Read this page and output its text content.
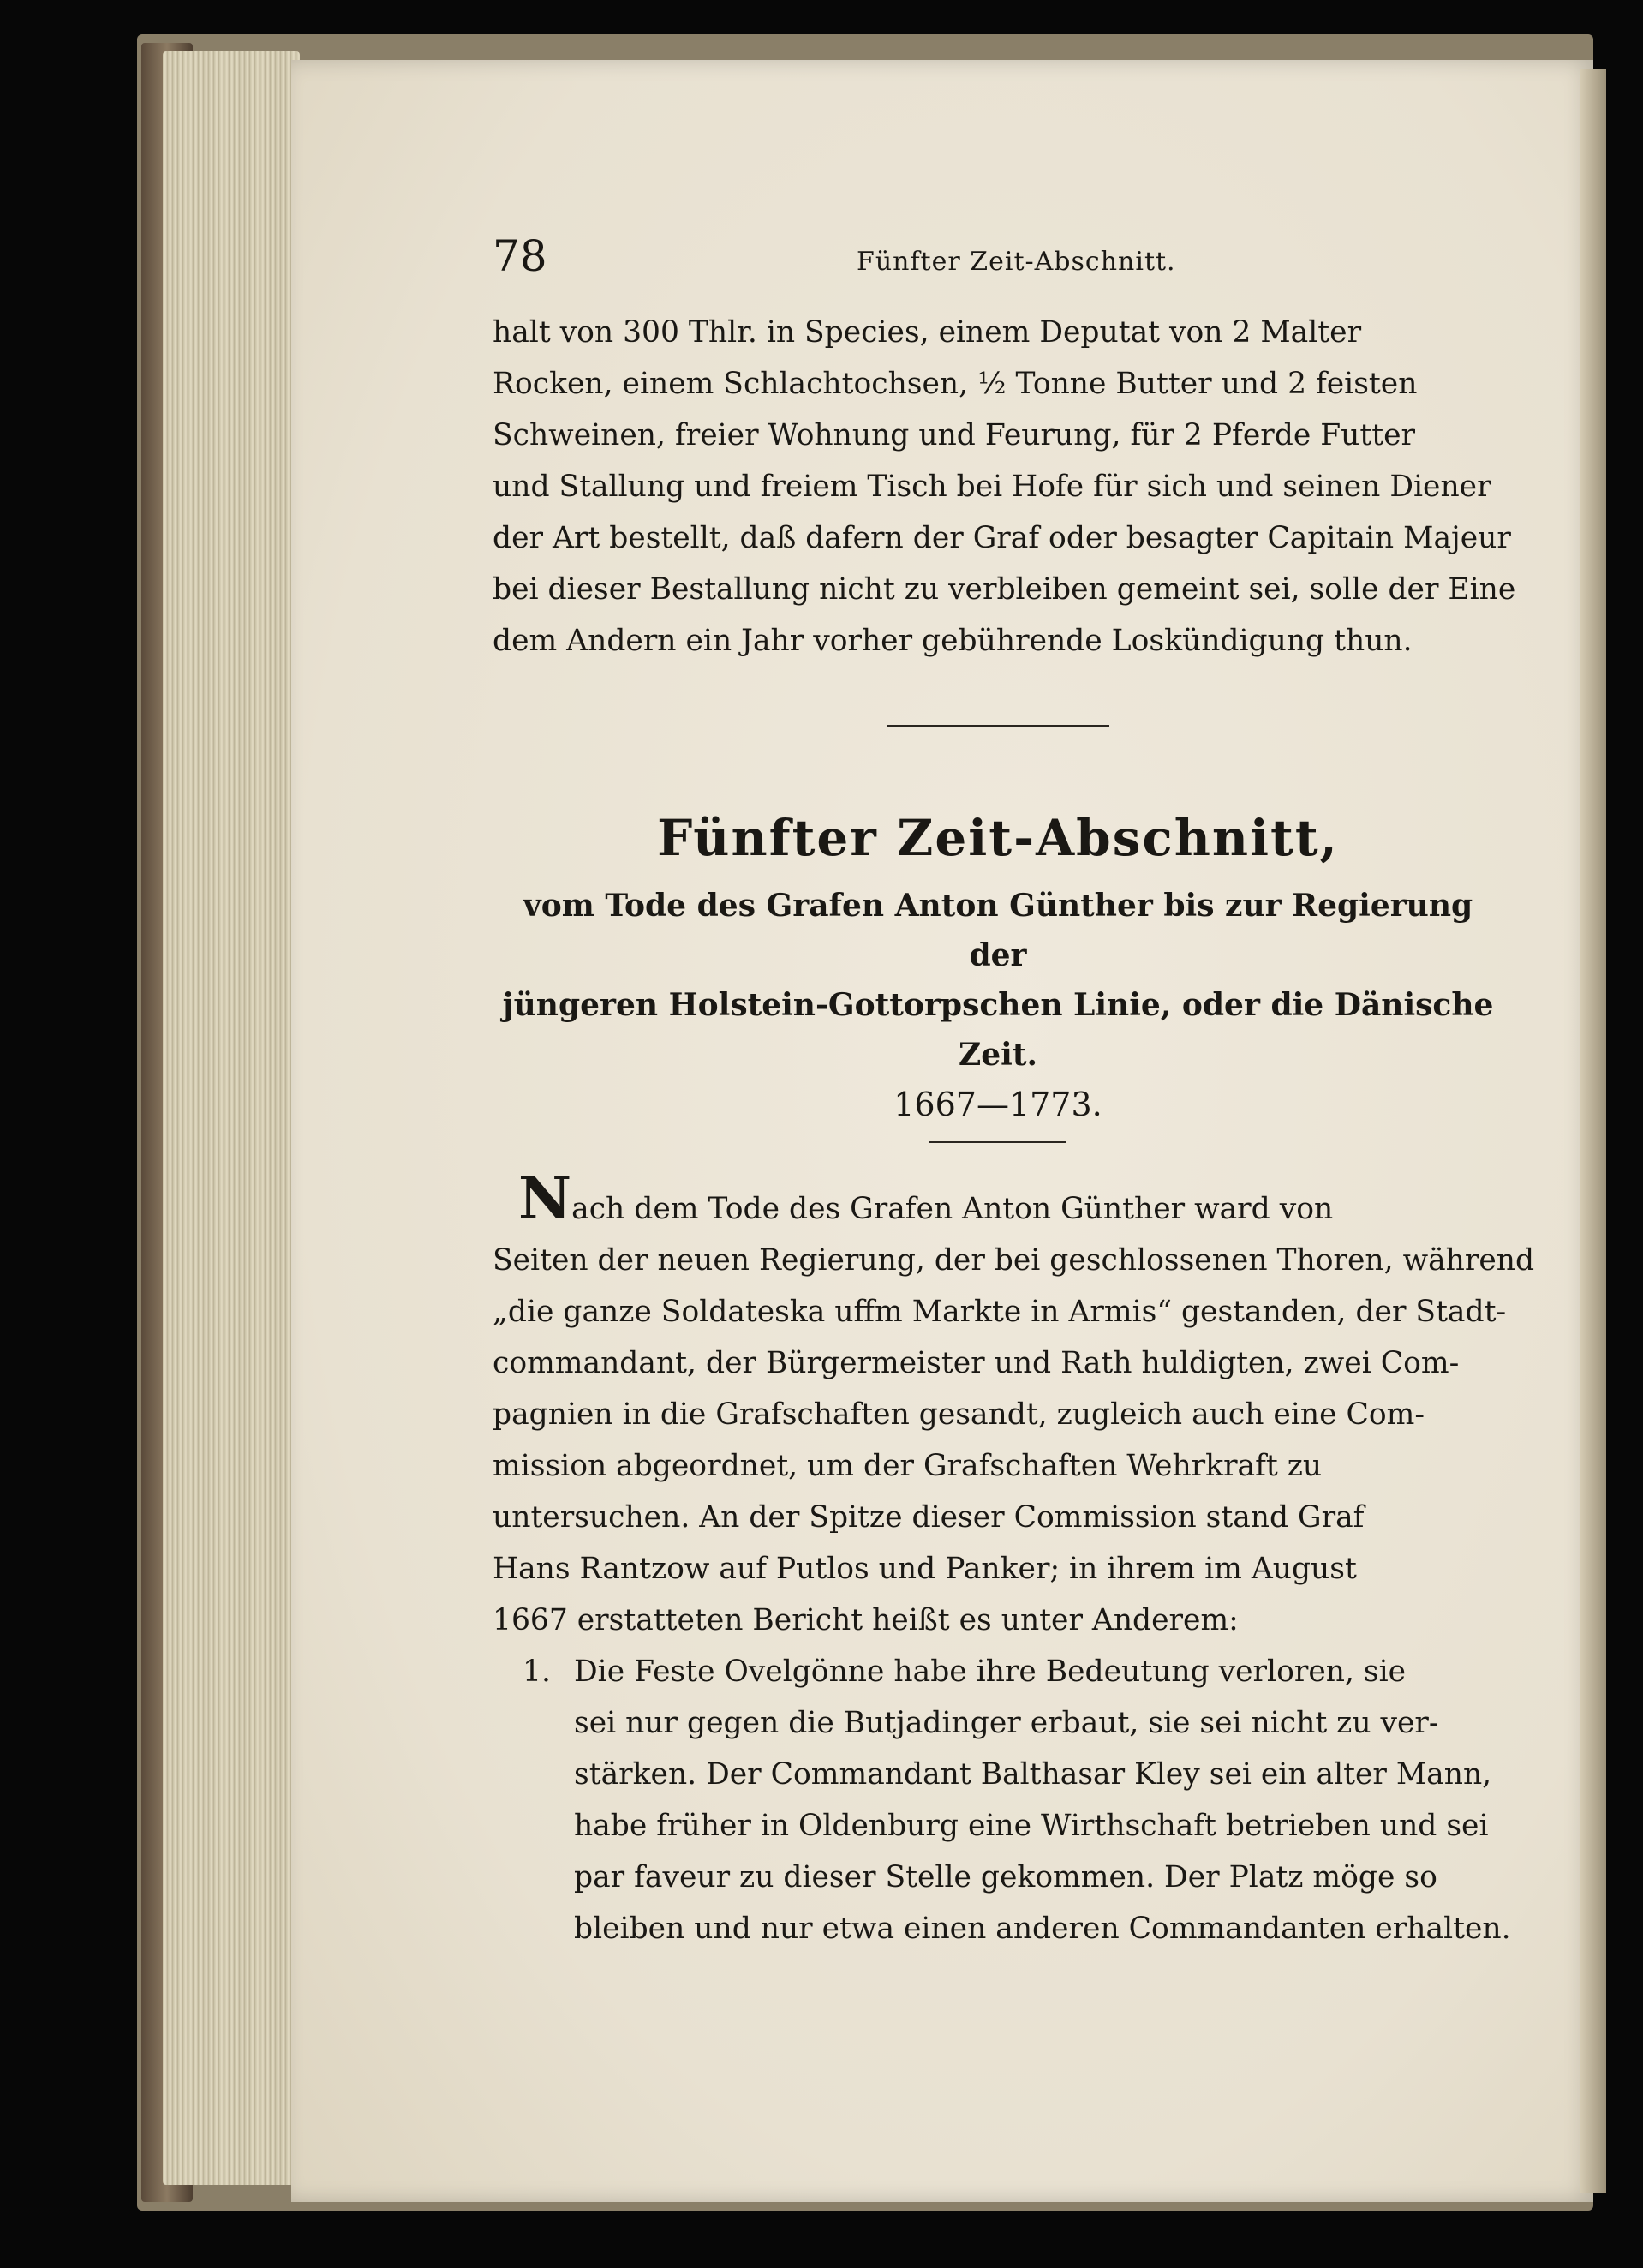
78	Fünfter Zeit-Abschnitt.

halt von 300 Thlr. in Species, einem Deputat von 2 Malter
Rocken, einem Schlachtochsen, ½ Tonne Butter und 2 feisten
Schweinen, freier Wohnung und Feurung, für 2 Pferde Futter
und Stallung und freiem Tisch bei Hofe für sich und seinen Diener
der Art bestellt, daß dafern der Graf oder besagter Capitain Majeur
bei dieser Bestallung nicht zu verbleiben gemeint sei, solle der Eine
dem Andern ein Jahr vorher gebührende Loskündigung thun.

Fünfter Zeit-Abschnitt,

vom Tode des Grafen Anton Günther bis zur Regierung der

jüngeren Holstein-Gottorpschen Linie, oder die Dänische Zeit.

1667—1773.

Nach dem Tode des Grafen Anton Günther ward von
Seiten der neuen Regierung, der bei geschlossenen Thoren, während
„die ganze Soldateska uffm Markte in Armis“ gestanden, der Stadt-
commandant, der Bürgermeister und Rath huldigten, zwei Com-
pagnien in die Grafschaften gesandt, zugleich auch eine Com-
mission abgeordnet, um der Grafschaften Wehrkraft zu
untersuchen. An der Spitze dieser Commission stand Graf
Hans Rantzow auf Putlos und Panker; in ihrem im August
1667 erstatteten Bericht heißt es unter Anderem:

1. Die Feste Ovelgönne habe ihre Bedeutung verloren, sie
sei nur gegen die Butjadinger erbaut, sie sei nicht zu ver-
stärken. Der Commandant Balthasar Kley sei ein alter Mann,
habe früher in Oldenburg eine Wirthschaft betrieben und sei
par faveur zu dieser Stelle gekommen. Der Platz möge so
bleiben und nur etwa einen anderen Commandanten erhalten.
